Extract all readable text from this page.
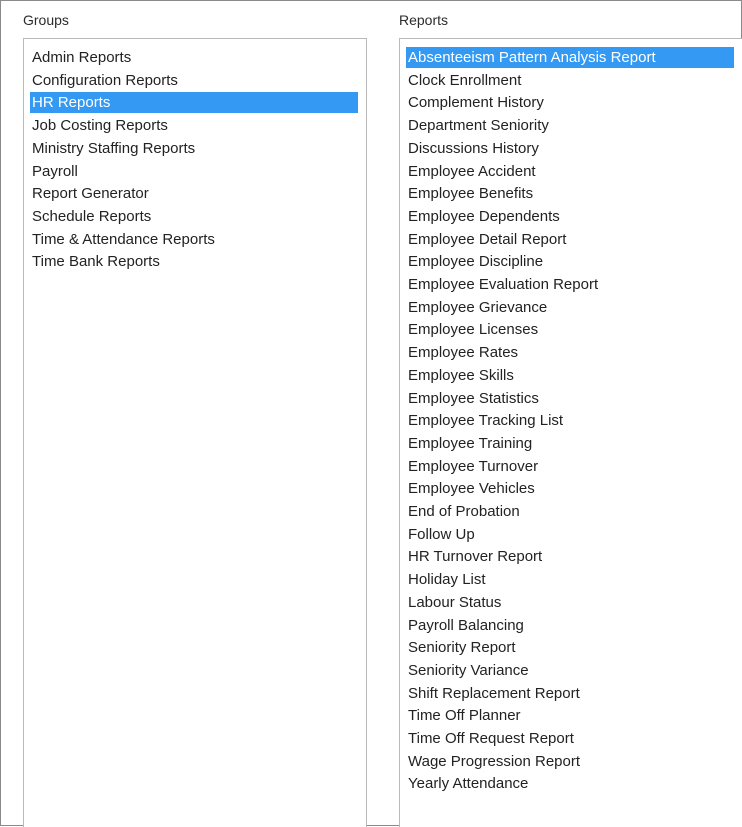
Groups
Admin Reports
Configuration Reports
HR Reports
Job Costing Reports
Ministry Staffing Reports
Payroll
Report Generator
Schedule Reports
Time & Attendance Reports
Time Bank Reports
Reports
Absenteeism Pattern Analysis Report
Clock Enrollment
Complement History
Department Seniority
Discussions History
Employee Accident
Employee Benefits
Employee Dependents
Employee Detail Report
Employee Discipline
Employee Evaluation Report
Employee Grievance
Employee Licenses
Employee Rates
Employee Skills
Employee Statistics
Employee Tracking List
Employee Training
Employee Turnover
Employee Vehicles
End of Probation
Follow Up
HR Turnover Report
Holiday List
Labour Status
Payroll Balancing
Seniority Report
Seniority Variance
Shift Replacement Report
Time Off Planner
Time Off Request Report
Wage Progression Report
Yearly Attendance
